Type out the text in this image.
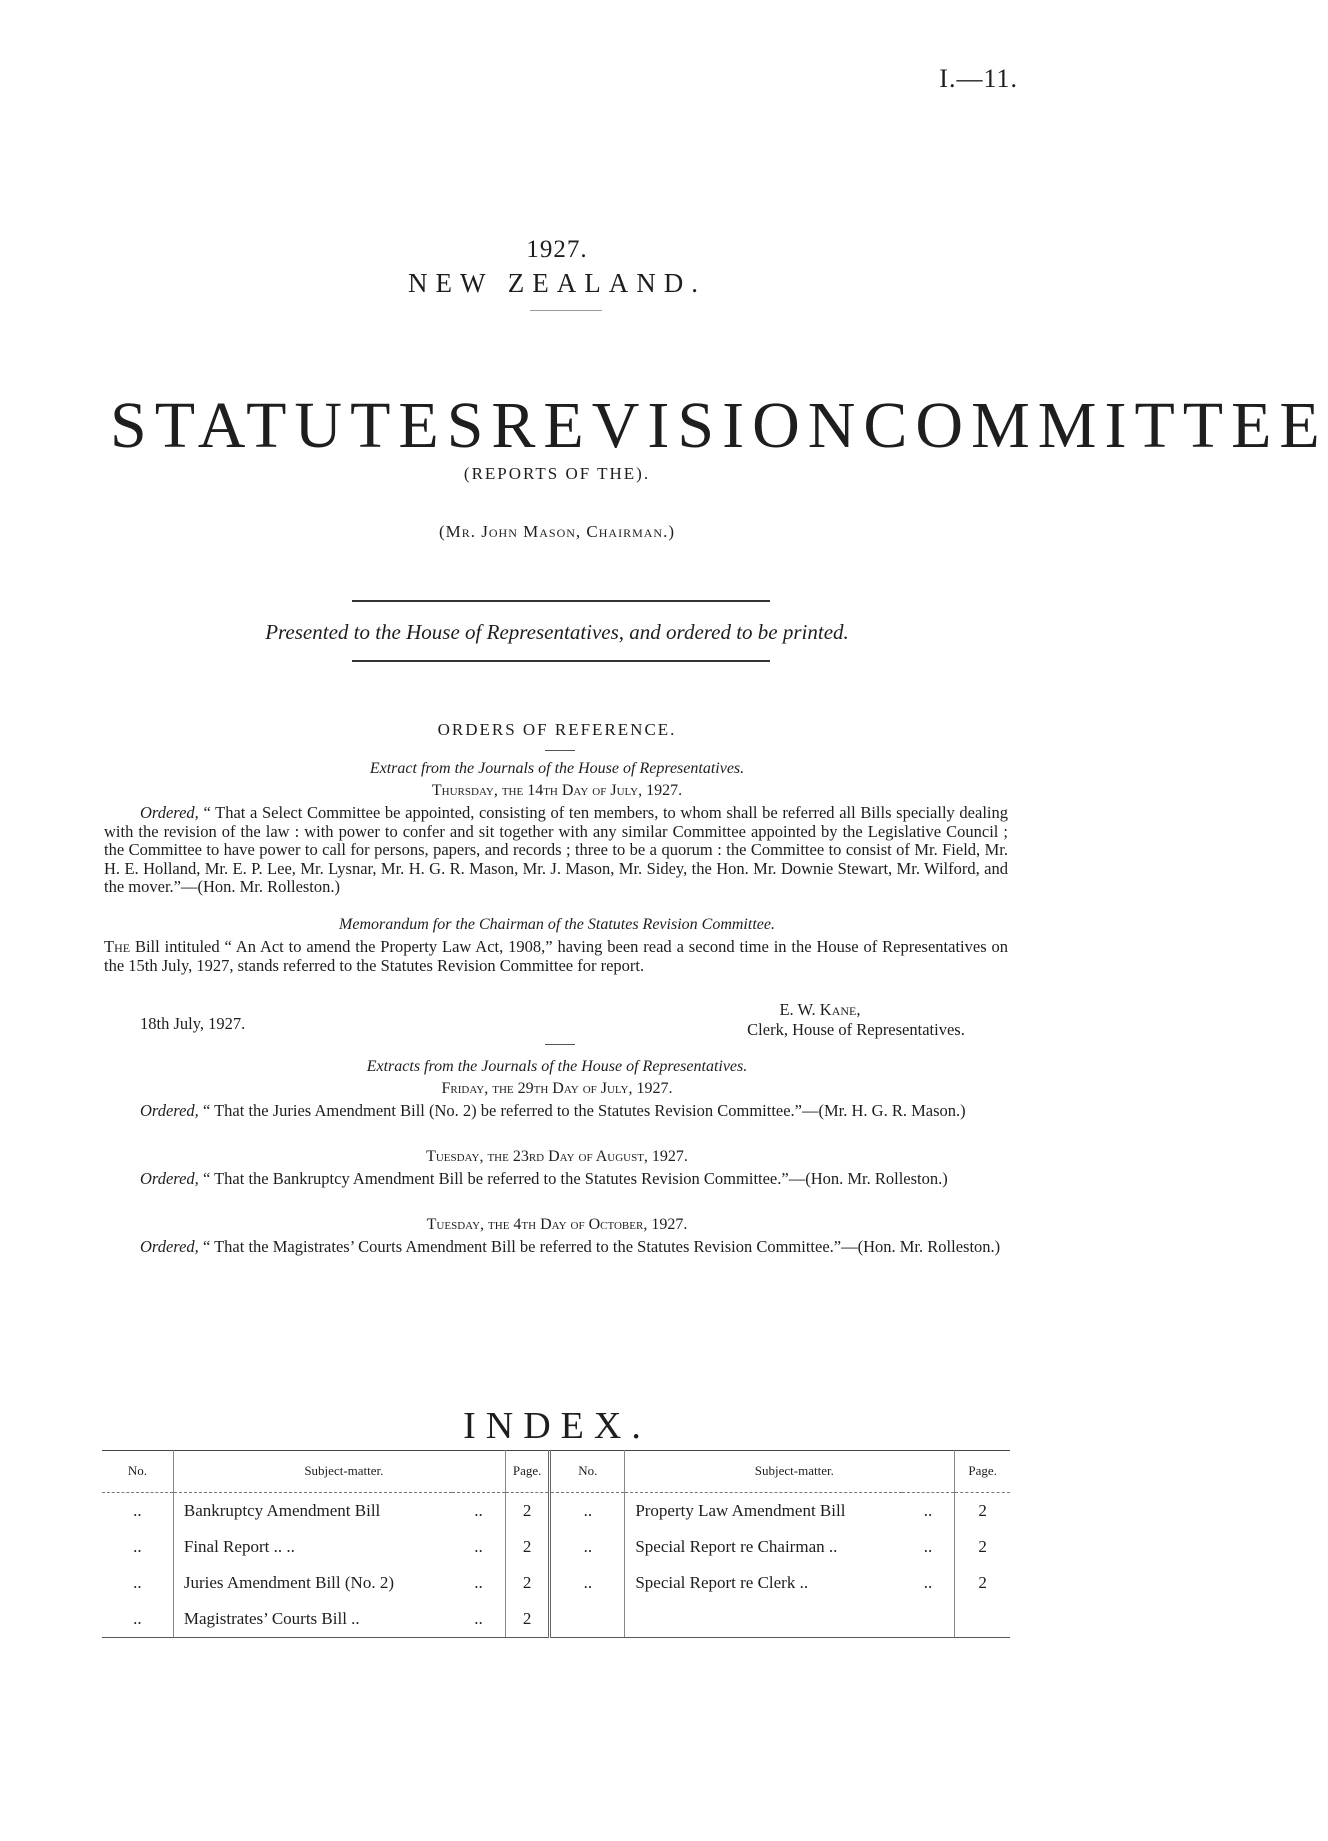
I.—11.
1927.
NEW ZEALAND.
STATUTES REVISION COMMITTEE
(REPORTS OF THE).
(Mr. John Mason, Chairman.)
Presented to the House of Representatives, and ordered to be printed.
ORDERS OF REFERENCE.
Extract from the Journals of the House of Representatives.
Thursday, the 14th Day of July, 1927.
Ordered, “ That a Select Committee be appointed, consisting of ten members, to whom shall be referred all Bills specially dealing with the revision of the law : with power to confer and sit together with any similar Committee appointed by the Legislative Council ; the Committee to have power to call for persons, papers, and records ; three to be a quorum : the Committee to consist of Mr. Field, Mr. H. E. Holland, Mr. E. P. Lee, Mr. Lysnar, Mr. H. G. R. Mason, Mr. J. Mason, Mr. Sidey, the Hon. Mr. Downie Stewart, Mr. Wilford, and the mover.”—(Hon. Mr. Rolleston.)
Memorandum for the Chairman of the Statutes Revision Committee.
The Bill intituled “ An Act to amend the Property Law Act, 1908,” having been read a second time in the House of Representatives on the 15th July, 1927, stands referred to the Statutes Revision Committee for report.
E. W. Kane,
Clerk, House of Representatives.
18th July, 1927.
Extracts from the Journals of the House of Representatives.
Friday, the 29th Day of July, 1927.
Ordered, “ That the Juries Amendment Bill (No. 2) be referred to the Statutes Revision Committee.”—(Mr. H. G. R. Mason.)
Tuesday, the 23rd Day of August, 1927.
Ordered, “ That the Bankruptcy Amendment Bill be referred to the Statutes Revision Committee.”—(Hon. Mr. Rolleston.)
Tuesday, the 4th Day of October, 1927.
Ordered, “ That the Magistrates’ Courts Amendment Bill be referred to the Statutes Revision Committee.”—(Hon. Mr. Rolleston.)
INDEX.
No.	Subject-matter.		Page.	No.	Subject-matter.		Page.
..	Bankruptcy Amendment Bill	..	2	..	Property Law Amendment Bill	..	2
..	Final Report .. ..	..	2	..	Special Report re Chairman ..	..	2
..	Juries Amendment Bill (No. 2)	..	2	..	Special Report re Clerk ..	..	2
..	Magistrates’ Courts Bill ..	..	2				
